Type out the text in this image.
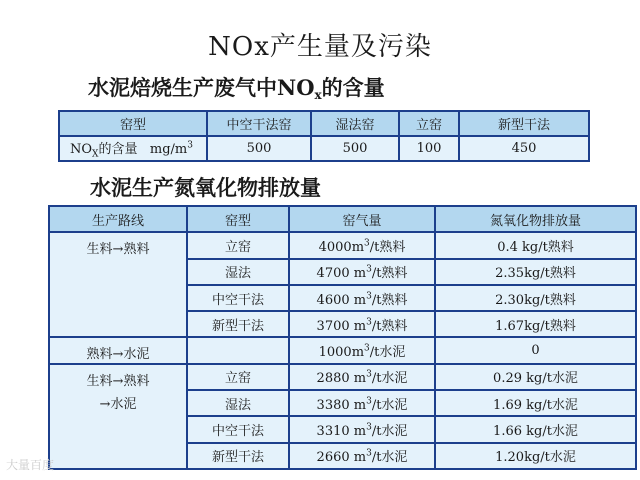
NOx产生量及污染
水泥焙烧生产废气中$NO_x$的含量
窑型	中空干法窑	湿法窑	立窑	新型干法
$NO_X$的含量 $mg/m^3$	500	500	100	450
水泥生产氮氧化物排放量
生产路线	窑型	窑气量	氮氧化物排放量
生料→熟料	立窑	$4000m^3/t$熟料	0.4 kg/t熟料
	湿法	4700 $m^3/t$熟料	2.35kg/t熟料
	中空干法	4600 $m^3/t$熟料	2.30kg/t熟料
	新型干法	3700 $m^3/t$熟料	1.67kg/t熟料
熟料→水泥		$1000m^3/t$水泥	0

生料→熟料
→水泥	立窑	2880 $m^3/t$水泥	0.29 kg/t水泥
	湿法	3380 $m^3/t$水泥	1.69 kg/t水泥
	中空干法	3310 $m^3/t$水泥	1.66 kg/t水泥
	新型干法	2660 $m^3/t$水泥	1.20kg/t水泥
大量百度
